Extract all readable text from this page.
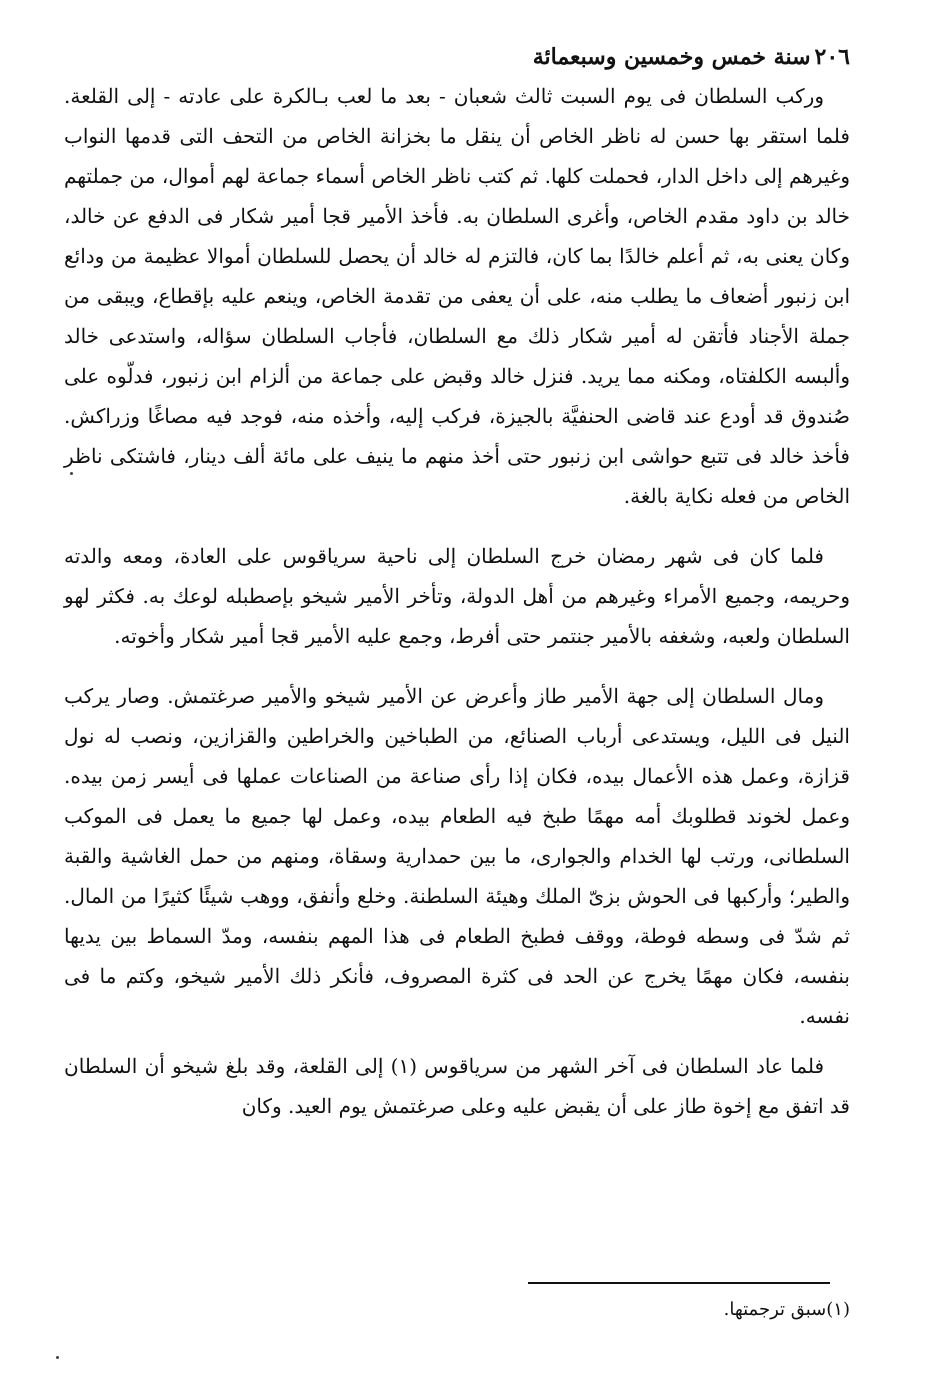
٢٠٦
سنة خمس وخمسين وسبعمائة

وركب السلطان فى يوم السبت ثالث شعبان - بعد ما لعب بـالكرة على عادته - إلى القلعة. فلما استقر بها حسن له ناظر الخاص أن ينقل ما بخزانة الخاص من التحف التى قدمها النواب وغيرهم إلى داخل الدار، فحملت كلها. ثم كتب ناظر الخاص أسماء جماعة لهم أموال، من جملتهم خالد بن داود مقدم الخاص، وأغرى السلطان به. فأخذ الأمير قجا أمير شكار فى الدفع عن خالد، وكان يعنى به، ثم أعلم خالدًا بما كان، فالتزم له خالد أن يحصل للسلطان أموالا عظيمة من ودائع ابن زنبور أضعاف ما يطلب منه، على أن يعفى من تقدمة الخاص، وينعم عليه بإقطاع، ويبقى من جملة الأجناد فأتقن له أمير شكار ذلك مع السلطان، فأجاب السلطان سؤاله، واستدعى خالد وألبسه الكلفتاه، ومكنه مما يريد. فنزل خالد وقبض على جماعة من ألزام ابن زنبور، فدلّوه على صُندوق قد أودع عند قاضى الحنفيَّة بالجيزة، فركب إليه، وأخذه منه، فوجد فيه مصاغًا وزراكش. فأخذ خالد فى تتبع حواشى ابن زنبور حتى أخذ منهم ما ينيف على مائة ألف دينار، فاشتكى ناظر الخاص من فعله نكاية بالغة.

فلما كان فى شهر رمضان خرج السلطان إلى ناحية سرياقوس على العادة، ومعه والدته وحريمه، وجميع الأمراء وغيرهم من أهل الدولة، وتأخر الأمير شيخو بإصطبله لوعك به. فكثر لهو السلطان ولعبه، وشغفه بالأمير جنتمر حتى أفرط، وجمع عليه الأمير قجا أمير شكار وأخوته.

ومال السلطان إلى جهة الأمير طاز وأعرض عن الأمير شيخو والأمير صرغتمش. وصار يركب النيل فى الليل، ويستدعى أرباب الصنائع، من الطباخين والخراطين والقزازين، ونصب له نول قزازة، وعمل هذه الأعمال بيده، فكان إذا رأى صناعة من الصناعات عملها فى أيسر زمن بيده. وعمل لخوند قطلوبك أمه مهمًا طبخ فيه الطعام بيده، وعمل لها جميع ما يعمل فى الموكب السلطانى، ورتب لها الخدام والجوارى، ما بين حمدارية وسقاة، ومنهم من حمل الغاشية والقبة والطير؛ وأركبها فى الحوش بزىّ الملك وهيئة السلطنة. وخلع وأنفق، ووهب شيئًا كثيرًا من المال. ثم شدّ فى وسطه فوطة، ووقف فطبخ الطعام فى هذا المهم بنفسه، ومدّ السماط بين يديها بنفسه، فكان مهمًا يخرج عن الحد فى كثرة المصروف، فأنكر ذلك الأمير شيخو، وكتم ما فى نفسه.

فلما عاد السلطان فى آخر الشهر من سرياقوس (١) إلى القلعة، وقد بلغ شيخو أن السلطان قد اتفق مع إخوة طاز على أن يقبض عليه وعلى صرغتمش يوم العيد. وكان

(١)سبق ترجمتها.
